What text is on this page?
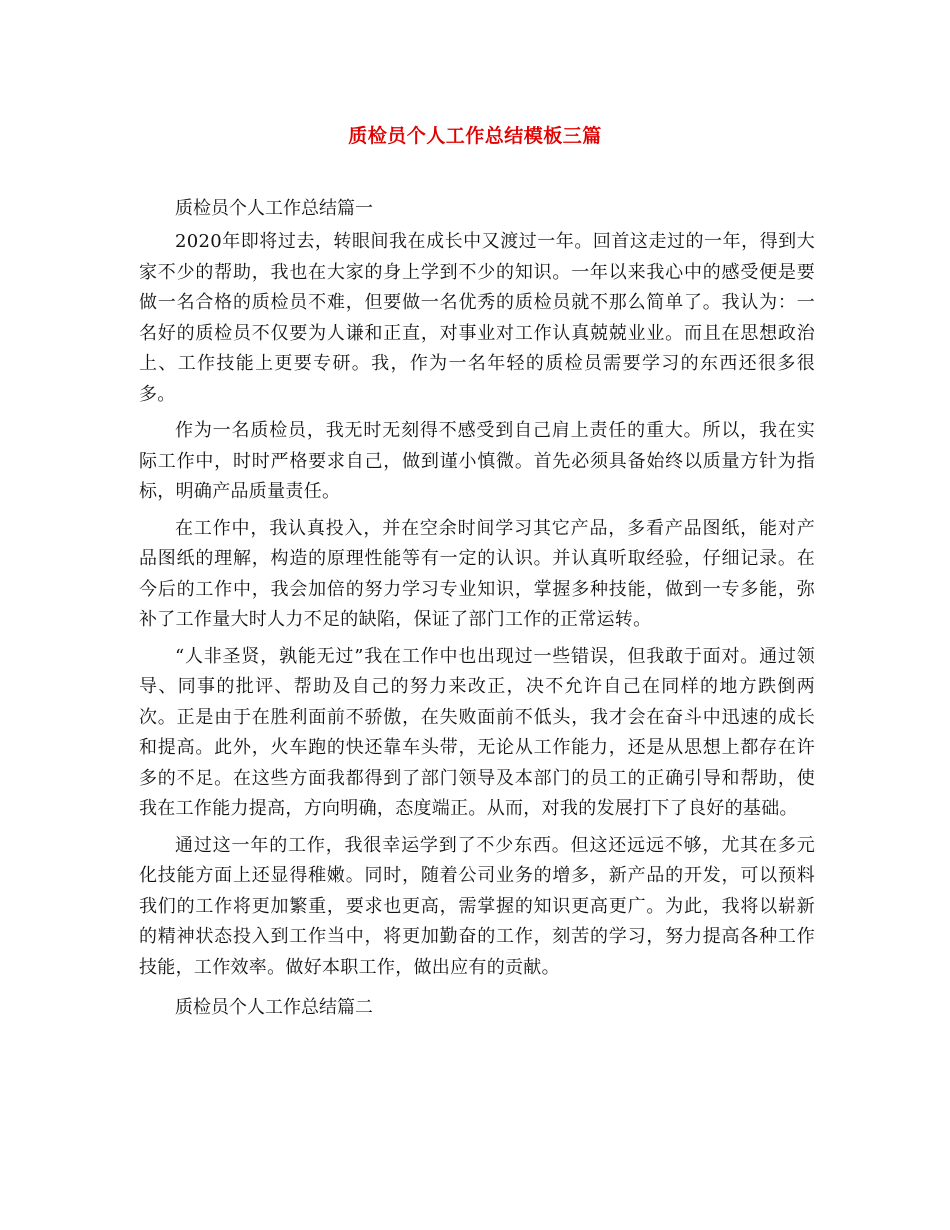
质检员个人工作总结模板三篇

质检员个人工作总结篇一

2020年即将过去，转眼间我在成长中又渡过一年。回首这走过的一年，得到大家不少的帮助，我也在大家的身上学到不少的知识。一年以来我心中的感受便是要做一名合格的质检员不难，但要做一名优秀的质检员就不那么简单了。我认为：一名好的质检员不仅要为人谦和正直，对事业对工作认真兢兢业业。而且在思想政治上、工作技能上更要专研。我，作为一名年轻的质检员需要学习的东西还很多很多。

作为一名质检员，我无时无刻得不感受到自己肩上责任的重大。所以，我在实际工作中，时时严格要求自己，做到谨小慎微。首先必须具备始终以质量方针为指标，明确产品质量责任。

在工作中，我认真投入，并在空余时间学习其它产品，多看产品图纸，能对产品图纸的理解，构造的原理性能等有一定的认识。并认真听取经验，仔细记录。在今后的工作中，我会加倍的努力学习专业知识，掌握多种技能，做到一专多能，弥补了工作量大时人力不足的缺陷，保证了部门工作的正常运转。

“人非圣贤，孰能无过”我在工作中也出现过一些错误，但我敢于面对。通过领导、同事的批评、帮助及自己的努力来改正，决不允许自己在同样的地方跌倒两次。正是由于在胜利面前不骄傲，在失败面前不低头，我才会在奋斗中迅速的成长和提高。此外，火车跑的快还靠车头带，无论从工作能力，还是从思想上都存在许多的不足。在这些方面我都得到了部门领导及本部门的员工的正确引导和帮助，使我在工作能力提高，方向明确，态度端正。从而，对我的发展打下了良好的基础。

通过这一年的工作，我很幸运学到了不少东西。但这还远远不够，尤其在多元化技能方面上还显得稚嫩。同时，随着公司业务的增多，新产品的开发，可以预料我们的工作将更加繁重，要求也更高，需掌握的知识更高更广。为此，我将以崭新的精神状态投入到工作当中，将更加勤奋的工作，刻苦的学习，努力提高各种工作技能，工作效率。做好本职工作，做出应有的贡献。

质检员个人工作总结篇二
